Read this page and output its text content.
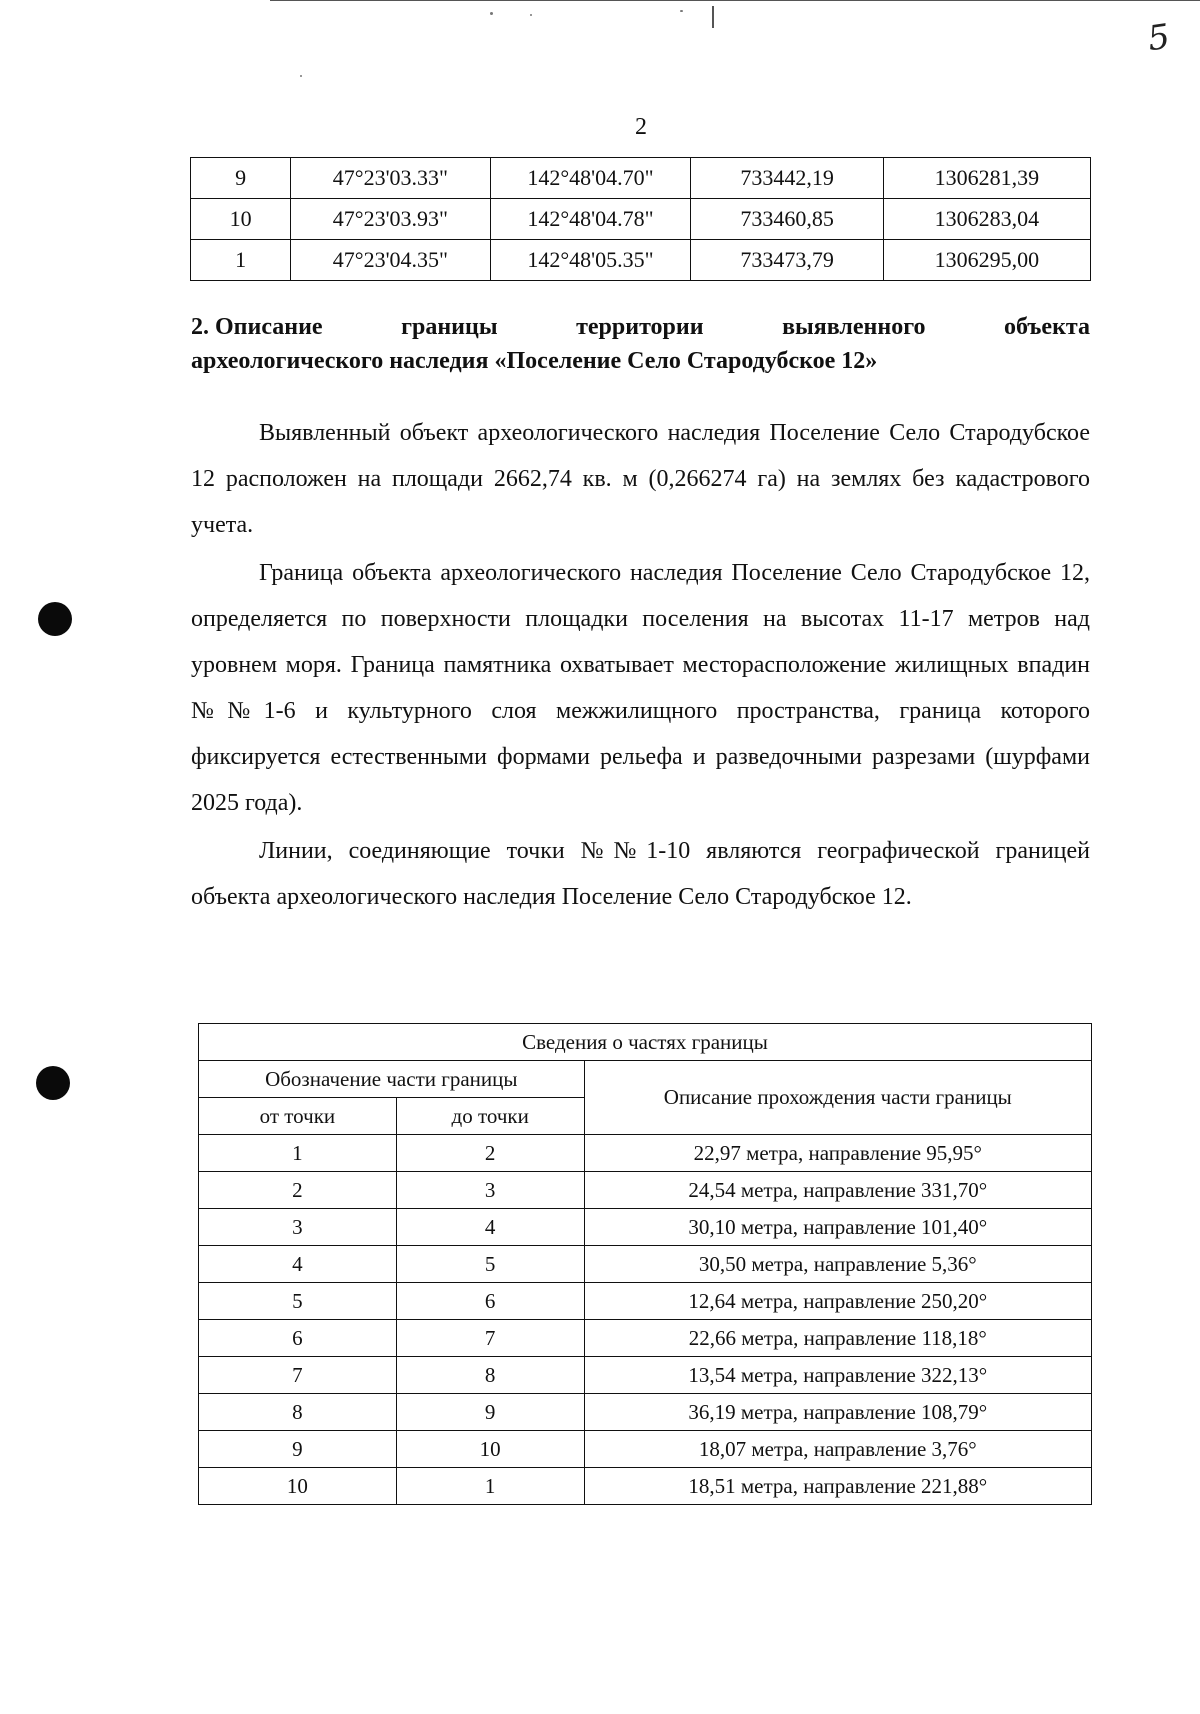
5
2
9	47°23'03.33"	142°48'04.70"	733442,19	1306281,39
10	47°23'03.93"	142°48'04.78"	733460,85	1306283,04
1	47°23'04.35"	142°48'05.35"	733473,79	1306295,00
2. Описание	границы	территории	выявленного	объекта
археологического наследия «Поселение Село Стародубское 12»
Выявленный объект археологического наследия Поселение Село Стародубское 12 расположен на площади 2662,74 кв. м (0,266274 га) на землях без кадастрового учета.
Граница объекта археологического наследия Поселение Село Стародубское 12, определяется по поверхности площадки поселения на высотах 11-17 метров над уровнем моря. Граница памятника охватывает месторасположение жилищных впадин №№1-6 и культурного слоя межжилищного пространства, граница которого фиксируется естественными формами рельефа и разведочными разрезами (шурфами 2025 года).
Линии, соединяющие точки №№1-10 являются географической границей объекта археологического наследия Поселение Село Стародубское 12.
Сведения о частях границы		
Обозначение части границы		Описание прохождения части границы
от точки	до точки	
1	2	22,97 метра, направление 95,95°
2	3	24,54 метра, направление 331,70°
3	4	30,10 метра, направление 101,40°
4	5	30,50 метра, направление 5,36°
5	6	12,64 метра, направление 250,20°
6	7	22,66 метра, направление 118,18°
7	8	13,54 метра, направление 322,13°
8	9	36,19 метра, направление 108,79°
9	10	18,07 метра, направление 3,76°
10	1	18,51 метра, направление 221,88°
